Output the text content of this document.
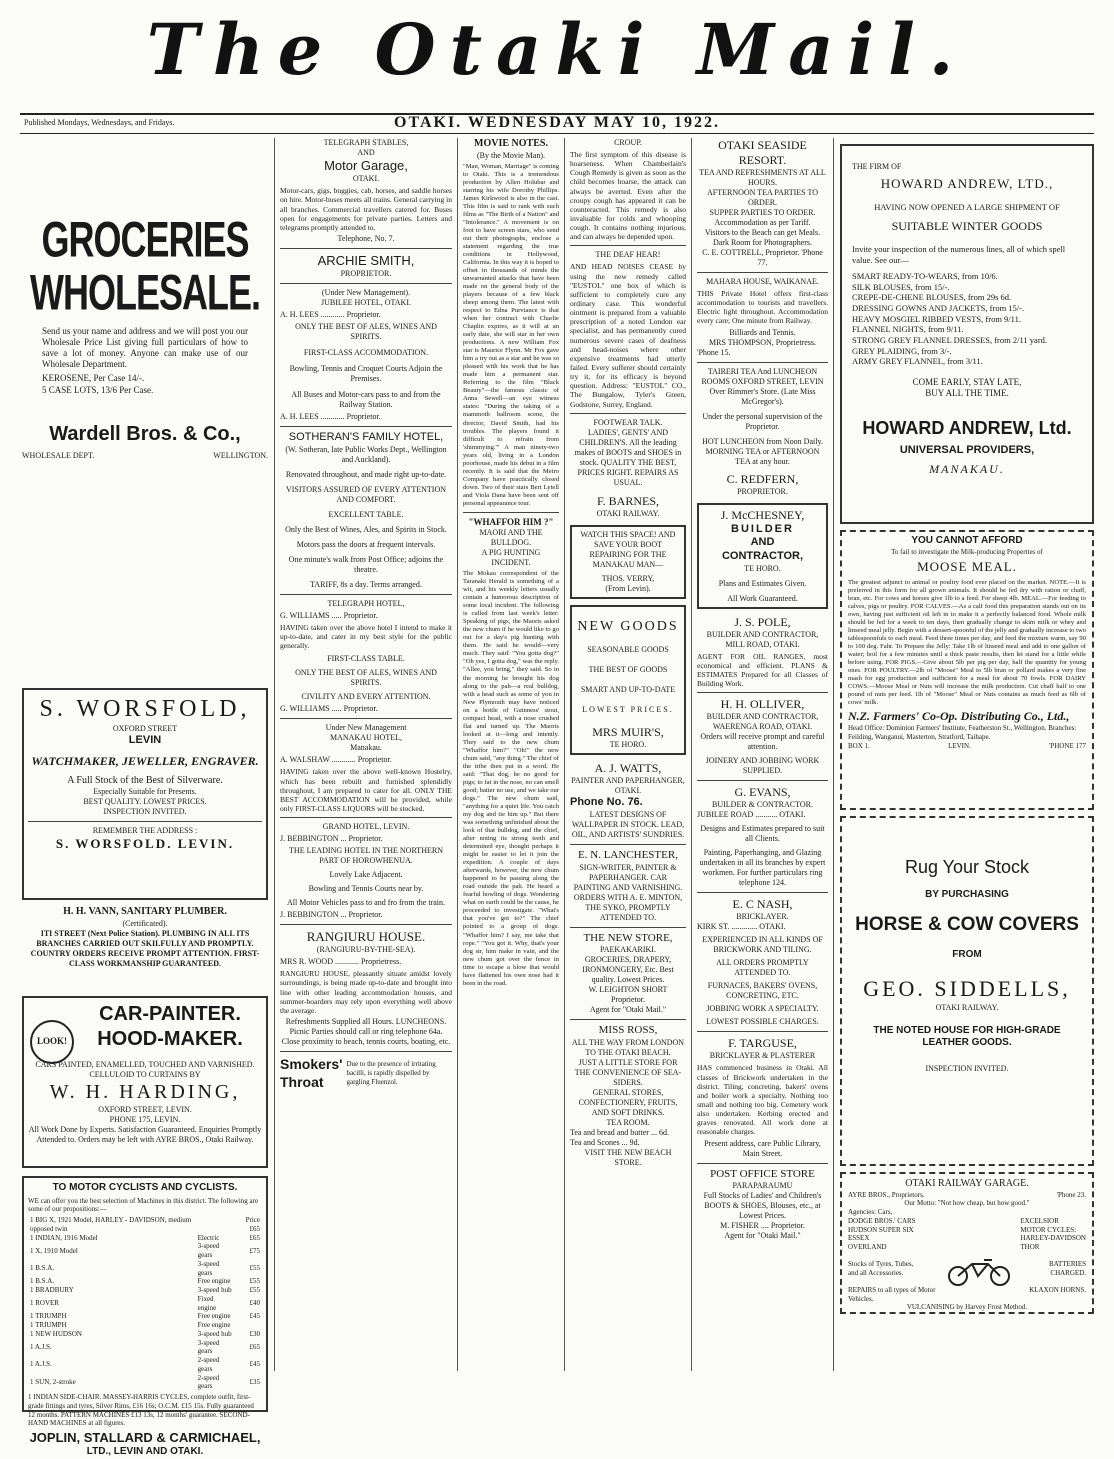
The Otaki Mail.
Published Mondays, Wednesdays, and Fridays.	OTAKI. WEDNESDAY MAY 10, 1922.
GROCERIES
WHOLESALE.

Send us your name and address and we will post you our Wholesale Price List giving full particulars of how to save a lot of money. Anyone can make use of our Wholesale Department.

KEROSENE, Per Case 14/-.

5 CASE LOTS, 13/6 Per Case.

Wardell Bros. & Co.,
WHOLESALE DEPT.	WELLINGTON.
S. WORSFOLD,
OXFORD STREET
LEVIN
WATCHMAKER, JEWELLER, ENGRAVER.
A Full Stock of the Best of Silverware.
Especially Suitable for Presents.
BEST QUALITY. LOWEST PRICES.
INSPECTION INVITED.
REMEMBER THE ADDRESS :
S. WORSFOLD. LEVIN.
H. H. VANN, SANITARY PLUMBER.
(Certificated).
ITI STREET (Next Police Station). PLUMBING IN ALL ITS BRANCHES CARRIED OUT SKILFULLY AND PROMPTLY. COUNTRY ORDERS RECEIVE PROMPT ATTENTION. FIRST-CLASS WORKMANSHIP GUARANTEED.
LOOK!
CAR-PAINTER.
HOOD-MAKER.
CARS PAINTED, ENAMELLED, TOUCHED AND VARNISHED. CELLULOID TO CURTAINS BY
W. H. HARDING,
OXFORD STREET, LEVIN.
PHONE 175, LEVIN.
All Work Done by Experts. Satisfaction Guaranteed. Enquiries Promptly Attended to. Orders may be left with AYRE BROS., Otaki Railway.
TO MOTOR CYCLISTS AND CYCLISTS.

WE can offer you the best selection of Machines in this district. The following are some of our propositions:—

1 BIG X, 1921 Model, HARLEY - DAVIDSON, medium opposed twin		Price £65
1 INDIAN, 1916 Model	Electric	£65
1 X, 1910 Model	3-speed gears	£75
1 B.S.A.	3-speed gears	£55
1 B.S.A.	Free engine	£55
1 BRADBURY	3-speed hub	£55
1 ROVER	Fixed engine	£40
1 TRIUMPH	Free engine	£45
1 TRIUMPH	Free engine	
1 NEW HUDSON	3-speed hub	£30
1 A.J.S.	3-speed gears	£65
1 A.J.S.	2-speed gears	£45
1 SUN, 2-stroke	2-speed gears	£35

1 INDIAN SIDE-CHAIR. MASSEY-HARRIS CYCLES, complete outfit, first-grade fittings and tyres, Silver Rims, £16 16s; O.C.M. £15 15s. Fully guaranteed 12 months. PATTERN MACHINES £13 13s, 12 months' guarantee. SECOND-HAND MACHINES at all figures.

JOPLIN, STALLARD & CARMICHAEL,
LTD., LEVIN AND OTAKI.
TELEGRAPH STABLES,
AND
Motor Garage,
OTAKI.

Motor-cars, gigs, buggies, cab, horses, and saddle horses on hire. Motor-buses meets all trains. General carrying in all branches. Commercial travellers catered for. Buses open for engagements for private parties. Letters and telegrams promptly attended to.

Telephone, No. 7.
ARCHIE SMITH,
PROPRIETOR.
(Under New Management).
JUBILEE HOTEL, OTAKI.

A. H. LEES ............ Proprietor.

ONLY THE BEST OF ALES, WINES AND SPIRITS.
FIRST-CLASS ACCOMMODATION.
Bowling, Tennis and Croquet Courts Adjoin the Premises.
All Buses and Motor-cars pass to and from the Railway Station.

A. H. LEES ............ Proprietor.

SOTHERAN'S FAMILY HOTEL,
(W. Sotheran, late Public Works Dept., Wellington and Auckland).
Renovated throughout, and made right up-to-date.
VISITORS ASSURED OF EVERY ATTENTION AND COMFORT.
EXCELLENT TABLE.
Only the Best of Wines, Ales, and Spirits in Stock.
Motors pass the doors at frequent intervals.
One minute's walk from Post Office; adjoins the theatre.
TARIFF, 8s a day. Terms arranged.
TELEGRAPH HOTEL,

G. WILLIAMS ..... Proprietor.

HAVING taken over the above hotel I intend to make it up-to-date, and cater in my best style for the public generally.

FIRST-CLASS TABLE.
ONLY THE BEST OF ALES, WINES AND SPIRITS.
CIVILITY AND EVERY ATTENTION.

G. WILLIAMS ..... Proprietor.

Under New Management
MANAKAU HOTEL,
Manakau.

A. WALSHAW ............ Proprietor.

HAVING taken over the above well-known Hostelry, which has been rebuilt and furnished splendidly throughout, I am prepared to cater for all. ONLY THE BEST ACCOMMODATION will be provided, while only FIRST-CLASS LIQUORS will be stocked.

GRAND HOTEL, LEVIN.

J. BEBBINGTON ... Proprietor.

THE LEADING HOTEL IN THE NORTHERN PART OF HOROWHENUA.
Lovely Lake Adjacent.
Bowling and Tennis Courts near by.
All Motor Vehicles pass to and fro from the train.

J. BEBBINGTON ... Proprietor.

RANGIURU HOUSE.
(RANGIURU-BY-THE-SEA).

MRS R. WOOD ............ Proprietress.

RANGIURU HOUSE, pleasantly situate amidst lovely surroundings, is being made up-to-date and brought into line with other leading accommodation houses, and summer-boarders may rely upon everything well above the average.

Refreshments Supplied all Hours. LUNCHEONS.
Picnic Parties should call or ring telephone 64a.
Close proximity to beach, tennis courts, boating, etc.
Smokers' Throat
Due to the presence of irritating bacilli, is rapidly dispelled by gargling Fluenzol.
MOVIE NOTES.
(By the Movie Man).

"Man, Woman, Marriage" is coming to Otaki. This is a tremendous production by Allen Holubar and starring his wife Dorothy Phillips. James Kirkwood is also in the cast. This film is said to rank with such films as "The Birth of a Nation" and "Intolerance." A movement is on foot to have screen stars, who send out their photographs, enclose a statement regarding the true conditions in Hollywood, California. In this way it is hoped to offset in thousands of minds the unwarranted attacks that have been made on the general body of the players because of a few black sheep among them. The latest with respect to Edna Purviance is that when her contract with Charlie Chaplin expires, as it will at an early date, she will star in her own productions. A new William Fox star is Maurice Flynn. Mr Fox gave him a try out as a star and he was so pleased with his work that he has made him a permanent star. Referring to the film "Black Beauty"—the famous classic of Anna Sewell—an eye witness states: "During the taking of a mammoth ballroom scene, the director, David Smith, had his troubles. The players found it difficult to refrain from 'shimmying.'" A man ninety-two years old, living in a London poorhouse, made his debut in a film recently. It is said that the Metro Company have practically closed down. Two of their stars Bert Lytell and Viola Dana have been sent off personal appearance tour.

"WHAFFOR HIM ?"
MAORI AND THE BULLDOG.
A PIG HUNTING INCIDENT.

The Mokau correspondent of the Taranaki Herald is something of a wit, and his weekly letters usually contain a humorous description of some local incident. The following is culled from last week's letter: Speaking of pigs, the Maoris asked the new chum if he would like to go out for a day's pig hunting with them. He said he would—very much. They said: "You gotta dog?" "Oh yes, I gotta dog," was the reply. "Allee, you bring," they said. So in the morning he brought his dog along to the pah—a real bulldog, with a head such as some of you in New Plymouth may have noticed on a bottle of Guinness' stout, compact head, with a nose crushed flat and turned up. The Maoris looked at it—long and intently. They said to the new chum "Whaffor him?" "Oh!" the new chum said, "any thing." The chief of the tribe then put in a word. He said: "That dog, he no good for pigs; to fat in the nose, no can smell good; batter no use, and we take our dogs." The new chum said, "anything for a quiet life. You catch my dog and tie him up." But there was something unfinished about the look of that bulldog, and the chief, after noting its strong teeth and determined eye, thought perhaps it might be easier to let it join the expedition. A couple of days afterwards, however, the new chum happened to be passing along the road outside the pah. He heard a fearful howling of dogs. Wondering what on earth could be the cause, he proceeded to investigate. "What's that you've got to?" The chief pointed to a group of dogs. "Whaffor him? I say, me take that rope." "You got it. Why, that's your dog sir, him make in vain, and the new chum got over the fence in time to escape a blow that would have flattened his own nose had it been in the road.

CROUP.

The first symptom of this disease is hoarseness. When Chamberlain's Cough Remedy is given as soon as the child becomes hoarse, the attack can always be averted. Even after the croupy cough has appeared it can be counteracted. This remedy is also invaluable for colds and whooping cough. It contains nothing injurious, and can always be depended upon.

THE DEAF HEAR!

AND HEAD NOISES CEASE by using the new remedy called "EUSTOL" one box of which is sufficient to completely cure any ordinary case. This wonderful ointment is prepared from a valuable prescription of a noted London ear specialist, and has permanently cured numerous severe cases of deafness and head-noises where other expensive treatments had utterly failed. Every sufferer should certainly try it, for its efficacy is beyond question. Address: "EUSTOL" CO., The Bungalow, Tyler's Green, Godstone, Surrey, England.

FOOTWEAR TALK.
LADIES', GENTS' AND CHILDREN'S. All the leading makes of BOOTS and SHOES in stock. QUALITY THE BEST, PRICES RIGHT. REPAIRS AS USUAL.
F. BARNES,
OTAKI RAILWAY.
WATCH THIS SPACE! AND SAVE YOUR BOOT REPAIRING FOR THE MANAKAU MAN—
THOS. VERRY,
(From Levin).
NEW GOODS
SEASONABLE GOODS
THE BEST OF GOODS
SMART AND UP-TO-DATE
LOWEST PRICES.
MRS MUIR'S,
TE HORO.
A. J. WATTS,
PAINTER AND PAPERHANGER, OTAKI.
Phone No. 76.
LATEST DESIGNS OF WALLPAPER IN STOCK. LEAD, OIL, AND ARTISTS' SUNDRIES.
E. N. LANCHESTER,
SIGN-WRITER, PAINTER & PAPERHANGER. CAR PAINTING AND VARNISHING.
ORDERS WITH A. E. MINTON, THE SYKO, PROMPTLY ATTENDED TO.
THE NEW STORE,
PAEKAKARIKI.
GROCERIES, DRAPERY, IRONMONGERY, Etc. Best quality. Lowest Prices.
W. LEIGHTON SHORT
Proprietor.
Agent for "Otaki Mail."
MISS ROSS,
ALL THE WAY FROM LONDON TO THE OTAKI BEACH.
JUST A LITTLE STORE FOR THE CONVENIENCE OF SEA-SIDERS.
GENERAL STORES, CONFECTIONERY, FRUITS, AND SOFT DRINKS.
TEA ROOM.
Tea and bread and butter ... 6d.
Tea and Scones ... 9d.
VISIT THE NEW BEACH STORE.
OTAKI SEASIDE RESORT.
TEA AND REFRESHMENTS AT ALL HOURS.
AFTERNOON TEA PARTIES TO ORDER.
SUPPER PARTIES TO ORDER. Accommodation as per Tariff.
Visitors to the Beach can get Meals. Dark Room for Photographers.
C. E. COTTRELL, Proprietor. 'Phone 77.
MAHARA HOUSE, WAIKANAE.

THIS Private Hotel offers first-class accommodation to tourists and travellers. Electric light throughout. Accommodation every care; One minute from Railway.

Billiards and Tennis.
MRS THOMPSON, Proprietress.
'Phone 15.
TAIRERI TEA And LUNCHEON ROOMS OXFORD STREET, LEVIN Over Rimmer's Store. (Late Miss McGregor's).
Under the personal supervision of the Proprietor.
HOT LUNCHEON from Noon Daily. MORNING TEA or AFTERNOON TEA at any hour.
C. REDFERN,
PROPRIETOR.
J. McCHESNEY,
BUILDER
AND
CONTRACTOR,
TE HORO.
Plans and Estimates Given.
All Work Guaranteed.
J. S. POLE,
BUILDER AND CONTRACTOR, MILL ROAD, OTAKI.

AGENT FOR OIL RANGES, most economical and efficient. PLANS & ESTIMATES Prepared for all Classes of Building Work.

H. H. OLLIVER,
BUILDER AND CONTRACTOR, WAERENGA ROAD, OTAKI.
Orders will receive prompt and careful attention.
JOINERY AND JOBBING WORK SUPPLIED.
G. EVANS,
BUILDER & CONTRACTOR.
JUBILEE ROAD ........... OTAKI.
Designs and Estimates prepared to suit all Clients.
Painting, Paperhanging, and Glazing undertaken in all its branches by expert workmen. For further particulars ring telephone 124.
E. C NASH,
BRICKLAYER.
KIRK ST. ............. OTAKI.
EXPERIENCED IN ALL KINDS OF BRICKWORK AND TILING.
ALL ORDERS PROMPTLY ATTENDED TO.
FURNACES, BAKERS' OVENS, CONCRETING, ETC.
JOBBING WORK A SPECIALTY.
LOWEST POSSIBLE CHARGES.
F. TARGUSE,
BRICKLAYER & PLASTERER

HAS commenced business in Otaki. All classes of Brickwork undertaken in the district. Tiling, concreting, bakers' ovens and boiler work a specialty. Nothing too small and nothing too big. Cemetery work also undertaken. Kerbing erected and graves renovated. All work done at reasonable charges.

Present address, care Public Library, Main Street.
POST OFFICE STORE
PARAPARAUMU
Full Stocks of Ladies' and Children's BOOTS & SHOES, Blouses, etc., at Lowest Prices.
M. FISHER .... Proprietor.
Agent for "Otaki Mail."
THE FIRM OF
HOWARD ANDREW, LTD.,
HAVING NOW OPENED A LARGE SHIPMENT OF
SUITABLE WINTER GOODS
Invite your inspection of the numerous lines, all of which spell value. See our—
SMART READY-TO-WEARS, from 10/6.
SILK BLOUSES, from 15/-.
CREPE-DE-CHENE BLOUSES, from 29s 6d.
DRESSING GOWNS AND JACKETS, from 15/-.
HEAVY MOSGIEL RIBBED VESTS, from 9/11.
FLANNEL NIGHTS, from 9/11.
STRONG GREY FLANNEL DRESSES, from 2/11 yard.
GREY PLAIDING, from 3/-.
ARMY GREY FLANNEL, from 3/11.
COME EARLY, STAY LATE,
BUY ALL THE TIME.
HOWARD ANDREW, Ltd.
UNIVERSAL PROVIDERS,
MANAKAU.
YOU CANNOT AFFORD
To fail to investigate the Milk-producing Properties of
MOOSE MEAL.

The greatest adjunct to animal or poultry food ever placed on the market. NOTE.—It is preferred in this form for all grown animals. It should be fed dry with ration or chaff, bran, etc. For cows and horses give 1lb to a feed. For sheep 4lb. MEAL.—For feeding to calves, pigs or poultry. FOR CALVES.—As a calf food this preparation stands out on its own, having just sufficient oil left in to make it a perfectly balanced food. Whole milk should be fed for a week to ten days, then gradually change to skim milk or whey and linseed meal jelly. Begin with a dessert-spoonful of the jelly and gradually increase to two tablespoonfuls to each meal. Feed three times per day, and feed the mixture warm, say 90 to 100 deg. Fahr. To Prepare the Jelly: Take 1lb of linseed meal and add to one gallon of water; boil for a few minutes until a thick paste results, then let stand for a little while before using. FOR PIGS.—Give about 5lb per pig per day, half the quantity for young ones. FOR POULTRY.—2lb of "Moose" Meal to 5lb bran or pollard makes a very fine mash for egg production and sufficient for a meal for about 70 fowls. FOR DAIRY COWS.—Moose Meal or Nuts will increase the milk production. Cut chaff half to one pound of nuts per feed. 1lb of "Moose" Meal or Nuts contains as much feed as 6lb of cows' milk.

N.Z. Farmers' Co-Op. Distributing Co., Ltd.,
Head Office: Dominion Farmers' Institute, Featherston St., Wellington. Branches: Feilding, Wanganui, Masterton, Stratford, Taihape.
BOX 1.	LEVIN.	'PHONE 177
Rug Your Stock
BY PURCHASING
HORSE & COW COVERS
FROM
GEO. SIDDELLS,
OTAKI RAILWAY.
THE NOTED HOUSE FOR HIGH-GRADE LEATHER GOODS.
INSPECTION INVITED.
OTAKI RAILWAY GARAGE.
AYRE BROS., Proprietors.	'Phone 23.
Our Motto: "Not how cheap, but how good."
Agencies: Cars,
DODGE BROS.' CARS
HUDSON SUPER SIX
ESSEX
OVERLAND
EXCELSIOR
MOTOR CYCLES:
HARLEY-DAVIDSON
THOR
Stocks of Tyres, Tubes, and all Accessories.
BATTERIES CHARGED.
REPAIRS to all types of Motor Vehicles.
KLAXON HORNS.
VULCANISING by Harvey Frost Method.
